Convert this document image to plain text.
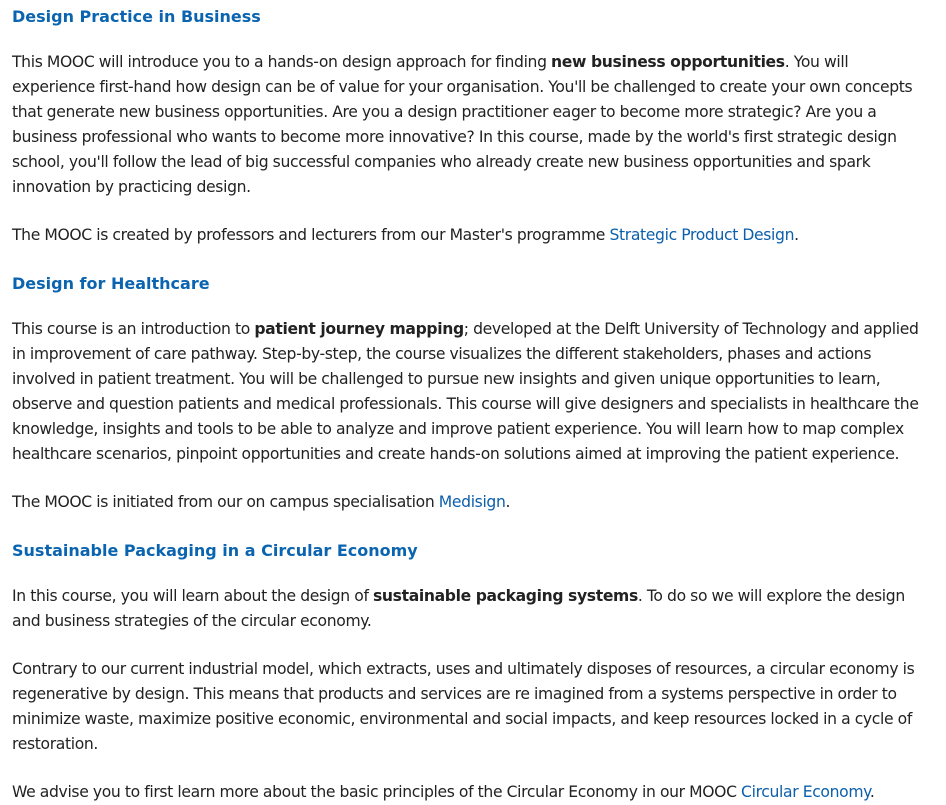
Design Practice in Business

This MOOC will introduce you to a hands-on design approach for finding new business opportunities. You will experience first-hand how design can be of value for your organisation. You'll be challenged to create your own concepts that generate new business opportunities. Are you a design practitioner eager to become more strategic? Are you a business professional who wants to become more innovative? In this course, made by the world's first strategic design school, you'll follow the lead of big successful companies who already create new business opportunities and spark innovation by practicing design.

The MOOC is created by professors and lecturers from our Master's programme Strategic Product Design.

Design for Healthcare

This course is an introduction to patient journey mapping; developed at the Delft University of Technology and applied in improvement of care pathway. Step-by-step, the course visualizes the different stakeholders, phases and actions involved in patient treatment. You will be challenged to pursue new insights and given unique opportunities to learn, observe and question patients and medical professionals. This course will give designers and specialists in healthcare the knowledge, insights and tools to be able to analyze and improve patient experience. You will learn how to map complex healthcare scenarios, pinpoint opportunities and create hands-on solutions aimed at improving the patient experience.

The MOOC is initiated from our on campus specialisation Medisign.

Sustainable Packaging in a Circular Economy

In this course, you will learn about the design of sustainable packaging systems. To do so we will explore the design and business strategies of the circular economy.

Contrary to our current industrial model, which extracts, uses and ultimately disposes of resources, a circular economy is regenerative by design. This means that products and services are re imagined from a systems perspective in order to minimize waste, maximize positive economic, environmental and social impacts, and keep resources locked in a cycle of restoration.

We advise you to first learn more about the basic principles of the Circular Economy in our MOOC Circular Economy.
